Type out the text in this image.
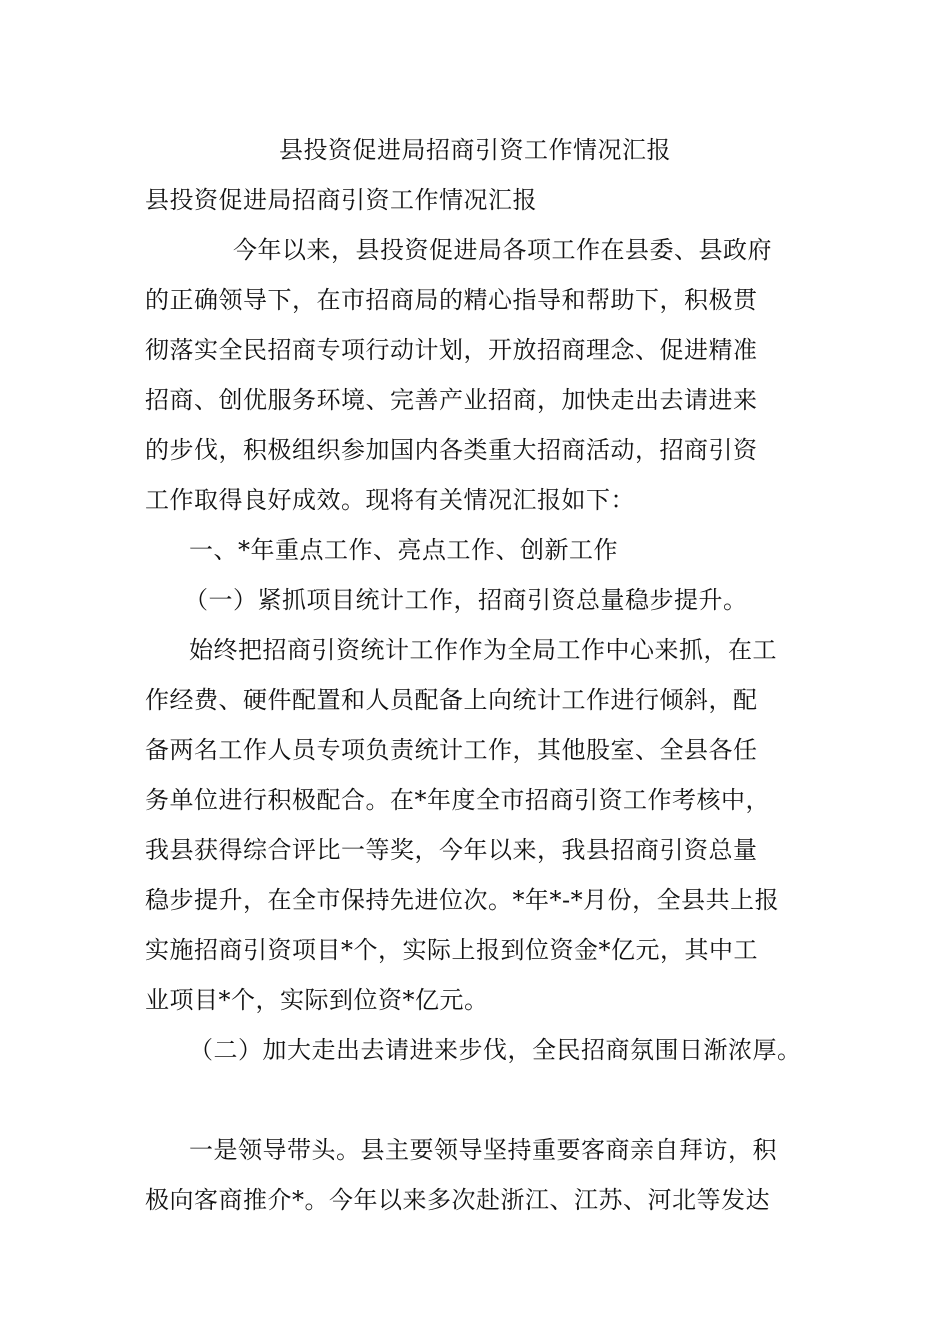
县投资促进局招商引资工作情况汇报

县投资促进局招商引资工作情况汇报

今年以来，县投资促进局各项工作在县委、县政府

的正确领导下，在市招商局的精心指导和帮助下，积极贯

彻落实全民招商专项行动计划，开放招商理念、促进精准

招商、创优服务环境、完善产业招商，加快走出去请进来

的步伐，积极组织参加国内各类重大招商活动，招商引资

工作取得良好成效。现将有关情况汇报如下：

一、*年重点工作、亮点工作、创新工作

（一）紧抓项目统计工作，招商引资总量稳步提升。

始终把招商引资统计工作作为全局工作中心来抓，在工

作经费、硬件配置和人员配备上向统计工作进行倾斜，配

备两名工作人员专项负责统计工作，其他股室、全县各任

务单位进行积极配合。在*年度全市招商引资工作考核中，

我县获得综合评比一等奖，今年以来，我县招商引资总量

稳步提升，在全市保持先进位次。*年*-*月份，全县共上报

实施招商引资项目*个，实际上报到位资金*亿元，其中工

业项目*个，实际到位资*亿元。

（二）加大走出去请进来步伐，全民招商氛围日渐浓厚。

一是领导带头。县主要领导坚持重要客商亲自拜访，积

极向客商推介*。今年以来多次赴浙江、江苏、河北等发达
